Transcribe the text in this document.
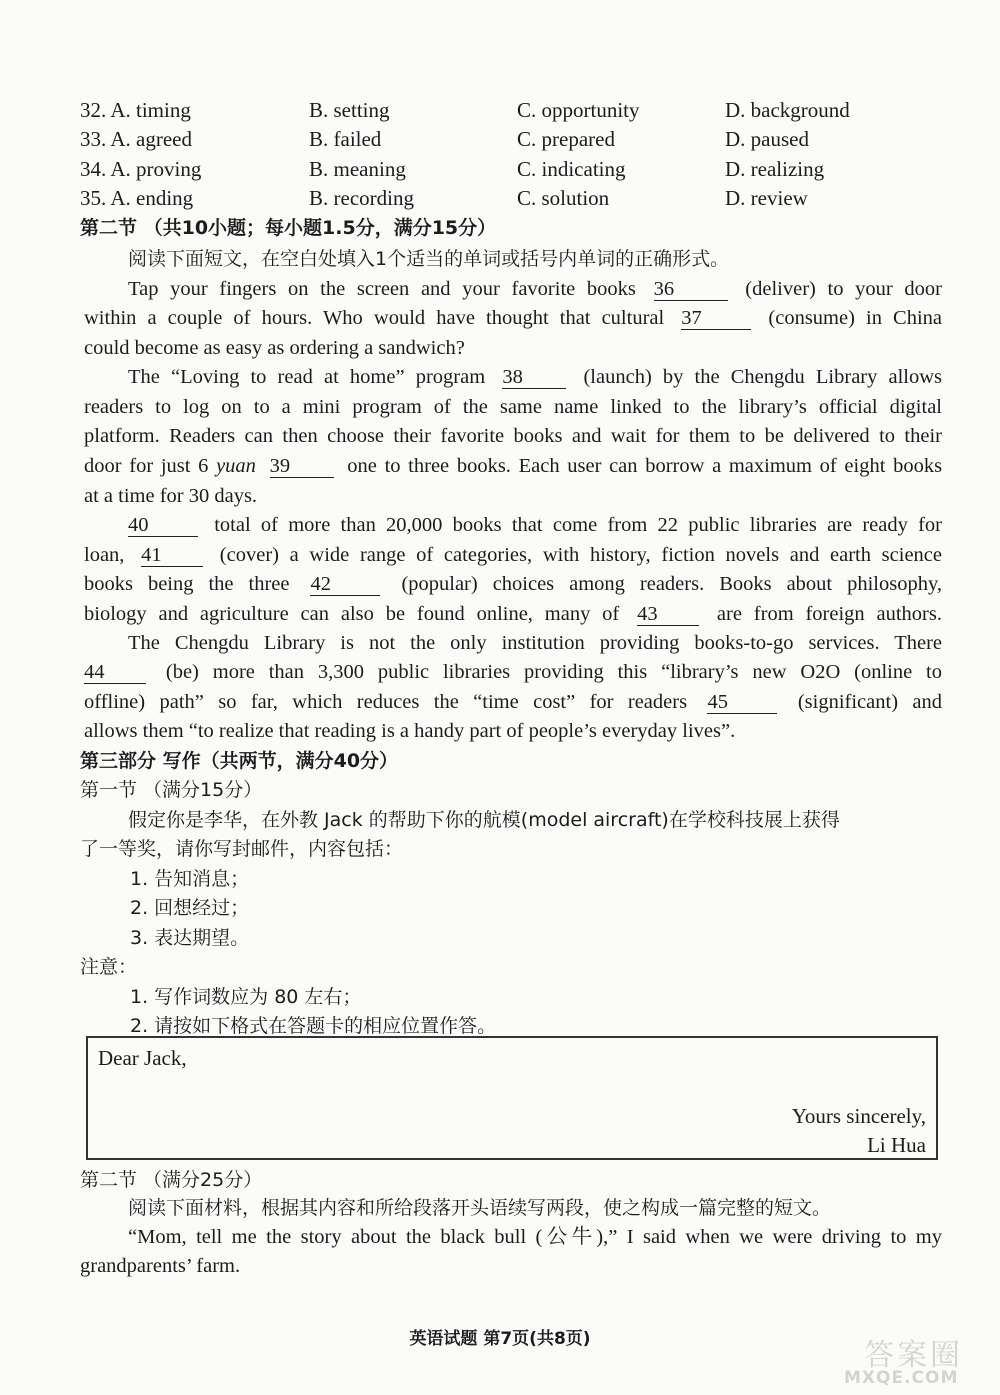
32. A. timing	B. setting	C. opportunity	D. background
33. A. agreed	B. failed	C. prepared	D. paused
34. A. proving	B. meaning	C. indicating	D. realizing
35. A. ending	B. recording	C. solution	D. review
第二节 （共10小题；每小题1.5分，满分15分）
阅读下面短文，在空白处填入1个适当的单词或括号内单词的正确形式。
Tap your fingers on the screen and your favorite books 36	(deliver) to your door
within a couple of hours. Who would have thought that cultural 37	(consume) in China
could become as easy as ordering a sandwich?
The “Loving to read at home” program 38	(launch) by the Chengdu Library allows
readers to log on to a mini program of the same name linked to the library’s official digital
platform. Readers can then choose their favorite books and wait for them to be delivered to their
door for just 6 yuan 39	one to three books. Each user can borrow a maximum of eight books
at a time for 30 days.
40	total of more than 20,000 books that come from 22 public libraries are ready for
loan, 41	(cover) a wide range of categories, with history, fiction novels and earth science
books being the three 42	(popular) choices among readers. Books about philosophy,
biology and agriculture can also be found online, many of 43	are from foreign authors.
The Chengdu Library is not the only institution providing books-to-go services. There
44	(be) more than 3,300 public libraries providing this “library’s new O2O (online to
offline) path” so far, which reduces the “time cost” for readers 45	(significant) and
allows them “to realize that reading is a handy part of people’s everyday lives”.
第三部分 写作（共两节，满分40分）
第一节 （满分15分）
假定你是李华，在外教 Jack 的帮助下你的航模(model aircraft)在学校科技展上获得
了一等奖，请你写封邮件，内容包括：
1. 告知消息；
2. 回想经过；
3. 表达期望。
注意：
1. 写作词数应为 80 左右；
2. 请按如下格式在答题卡的相应位置作答。
Dear Jack,
Yours sincerely,
Li Hua
第二节 （满分25分）
阅读下面材料，根据其内容和所给段落开头语续写两段，使之构成一篇完整的短文。
“Mom, tell me the story about the black bull (公牛),” I said when we were driving to my
grandparents’ farm.
英语试题 第7页(共8页)	答案圈
MXQE.COM
